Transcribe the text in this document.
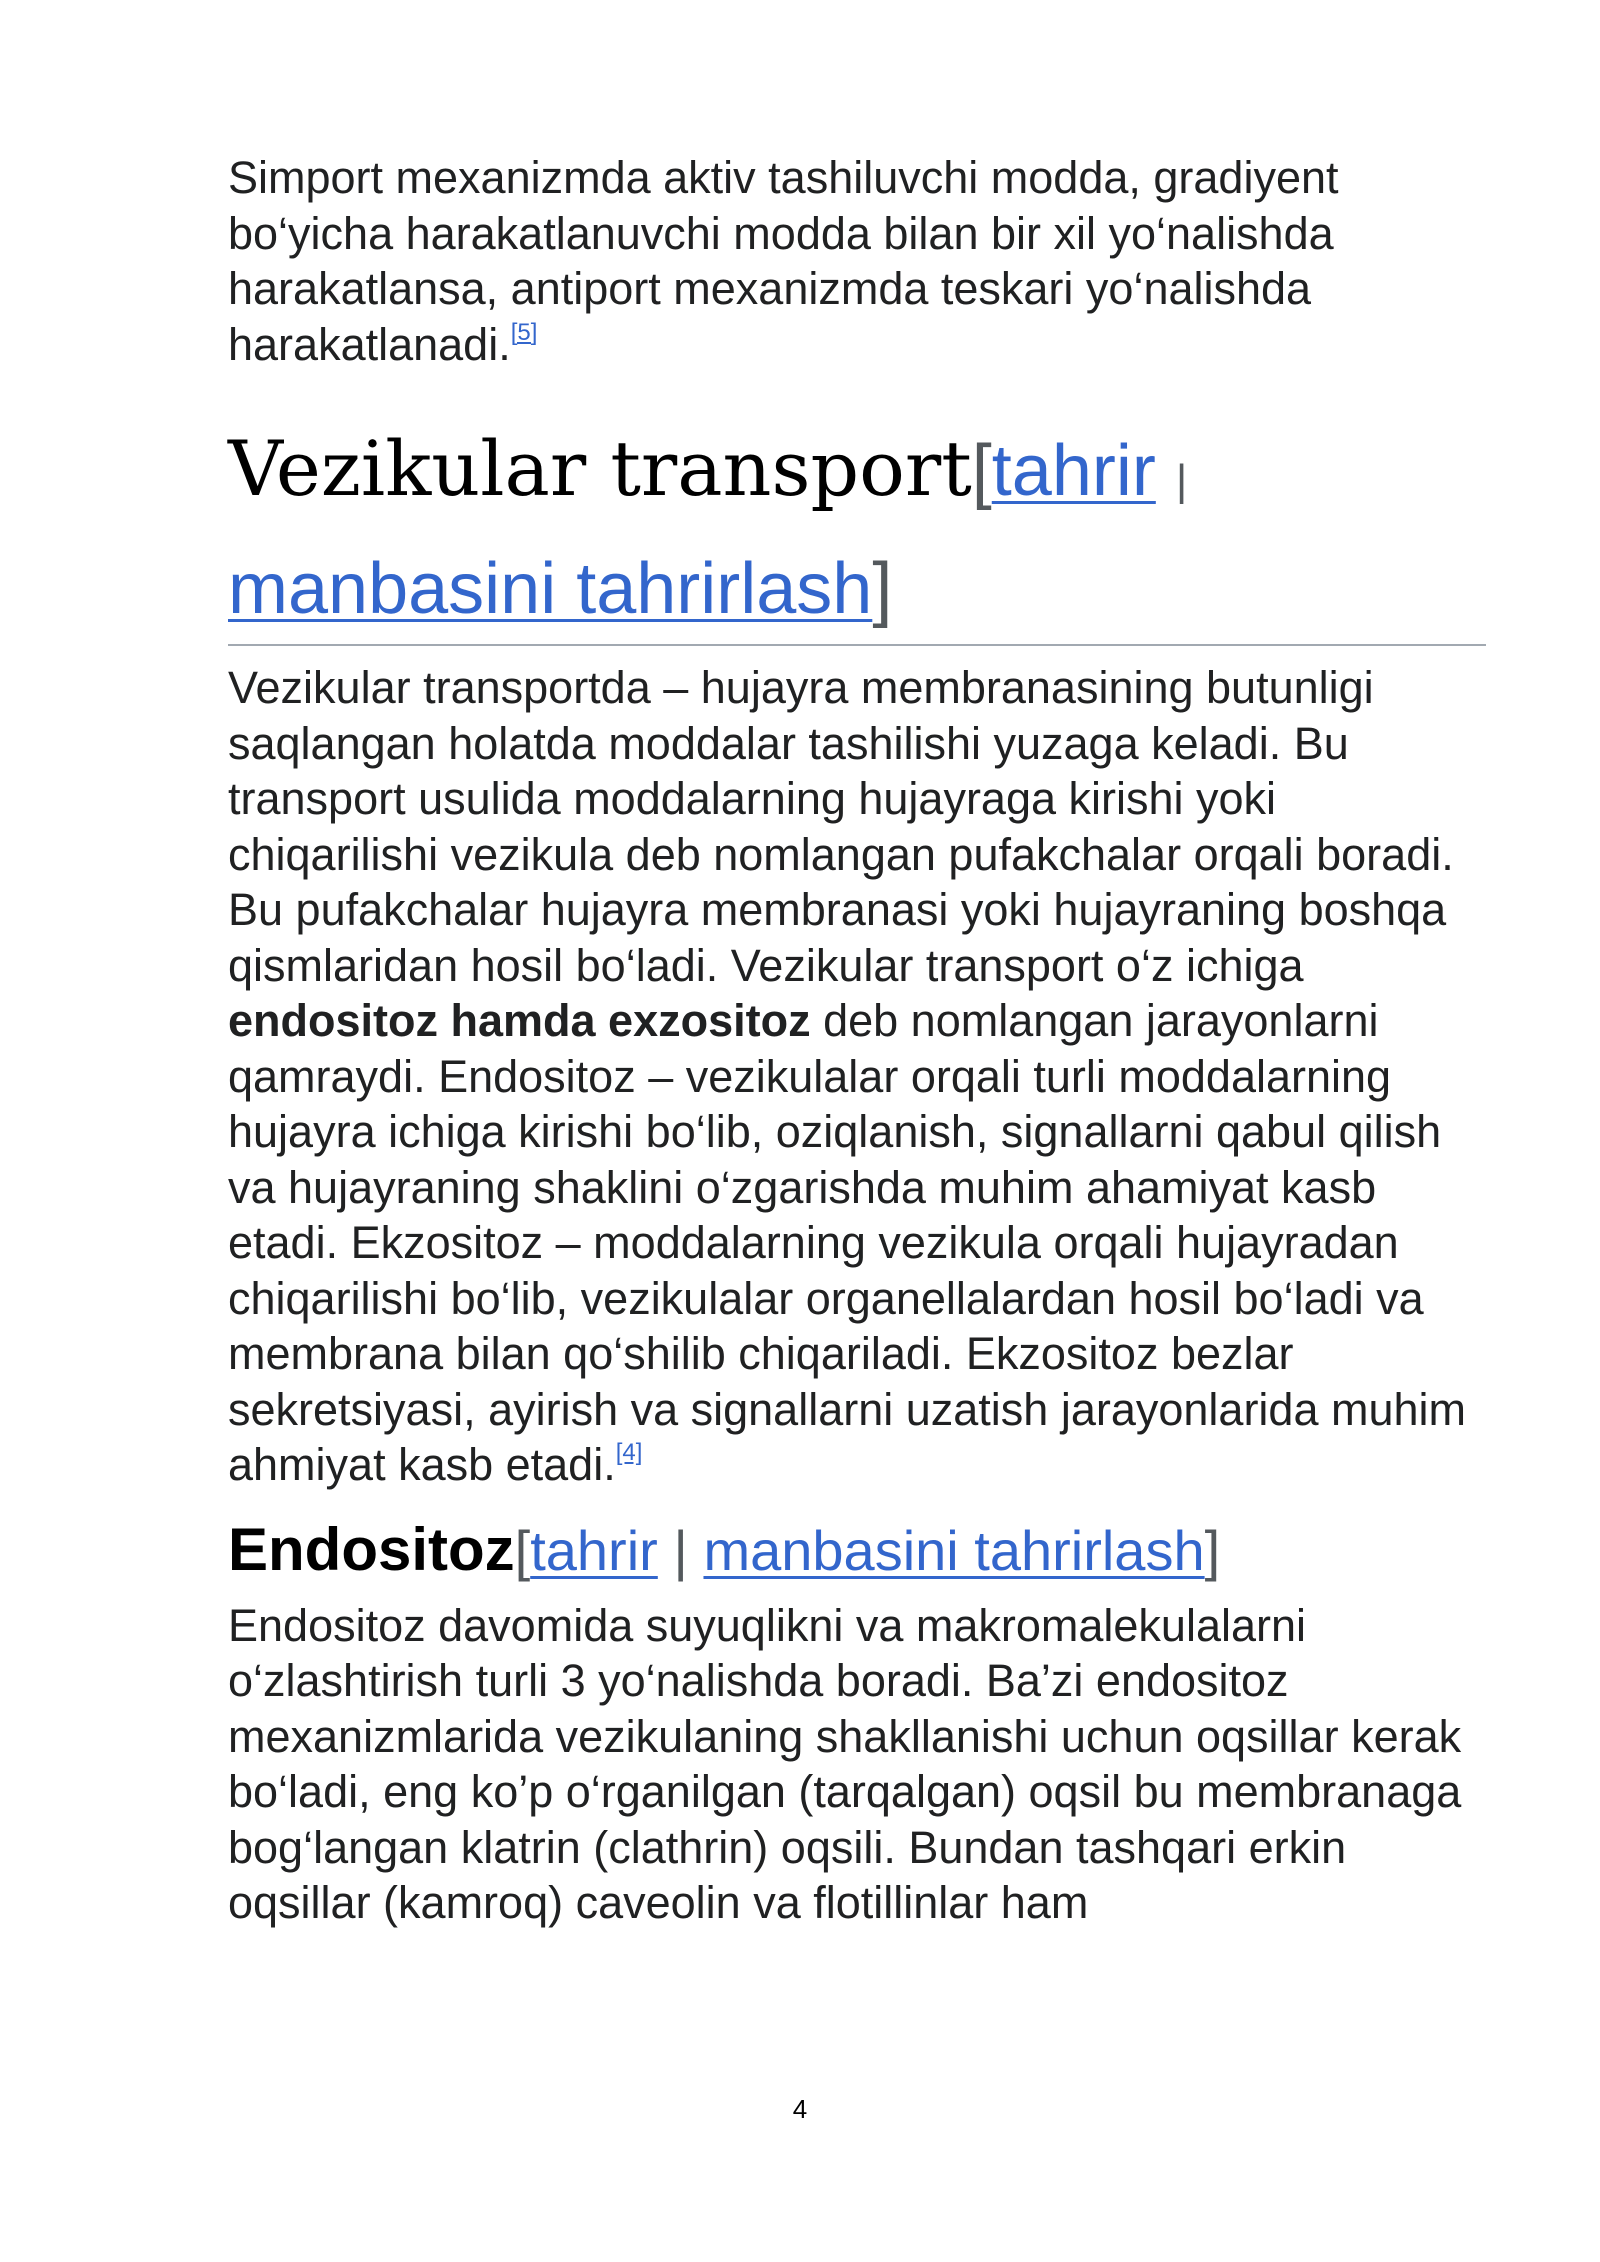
Simport mexanizmda aktiv tashiluvchi modda, gradiyent bo‘yicha harakatlanuvchi modda bilan bir xil yo‘nalishda harakatlansa, antiport mexanizmda teskari yo‘nalishda harakatlanadi.[5]

Vezikular transport[tahrir | manbasini tahrirlash]

Vezikular transportda – hujayra membranasining butunligi saqlangan holatda moddalar tashilishi yuzaga keladi. Bu transport usulida moddalarning hujayraga kirishi yoki chiqarilishi vezikula deb nomlangan pufakchalar orqali boradi. Bu pufakchalar hujayra membranasi yoki hujayraning boshqa qismlaridan hosil bo‘ladi. Vezikular transport o‘z ichiga endositoz hamda exzositoz deb nomlangan jarayonlarni qamraydi. Endositoz – vezikulalar orqali turli moddalarning hujayra ichiga kirishi bo‘lib, oziqlanish, signallarni qabul qilish va hujayraning shaklini o‘zgarishda muhim ahamiyat kasb etadi. Ekzositoz – moddalarning vezikula orqali hujayradan chiqarilishi bo‘lib, vezikulalar organellalardan hosil bo‘ladi va membrana bilan qo‘shilib chiqariladi. Ekzositoz bezlar sekretsiyasi, ayirish va signallarni uzatish jarayonlarida muhim ahmiyat kasb etadi.[4]

Endositoz[tahrir | manbasini tahrirlash]

Endositoz davomida suyuqlikni va makromalekulalarni o‘zlashtirish turli 3 yo‘nalishda boradi. Ba’zi endositoz mexanizmlarida vezikulaning shakllanishi uchun oqsillar kerak bo‘ladi, eng ko’p o‘rganilgan (tarqalgan) oqsil bu membranaga bog‘langan klatrin (clathrin) oqsili. Bundan tashqari erkin oqsillar (kamroq) caveolin va flotillinlar ham

4
